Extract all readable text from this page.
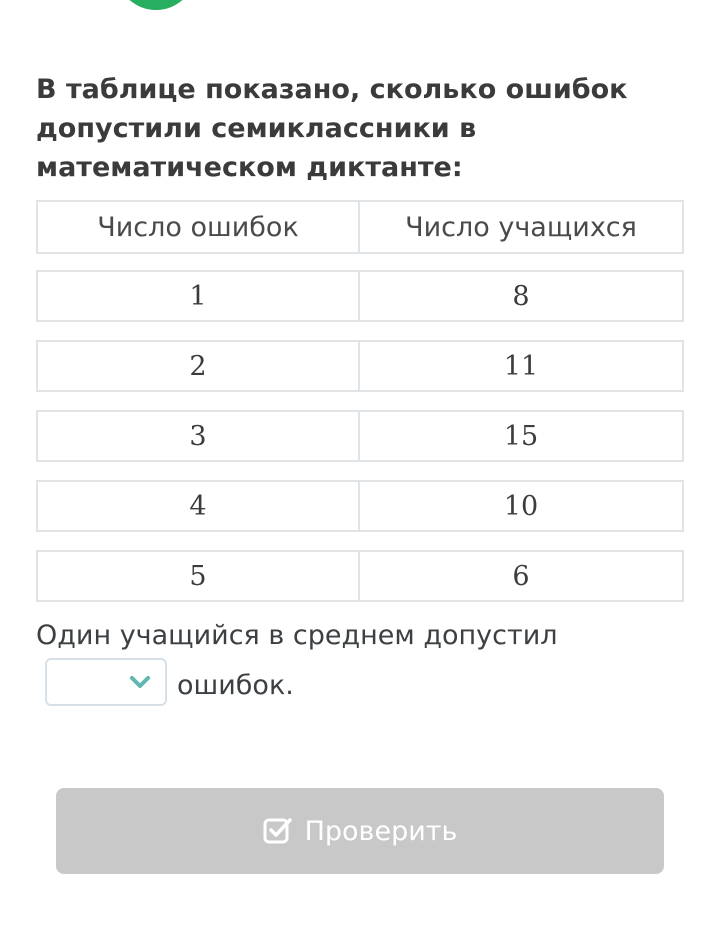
В таблице показано, сколько ошибок допустили семиклассники в математическом диктанте:

Число ошибок	Число учащихся
1	8
2	11
3	15
4	10
5	6
Один учащийся в среднем допустил
ошибок.
Проверить
